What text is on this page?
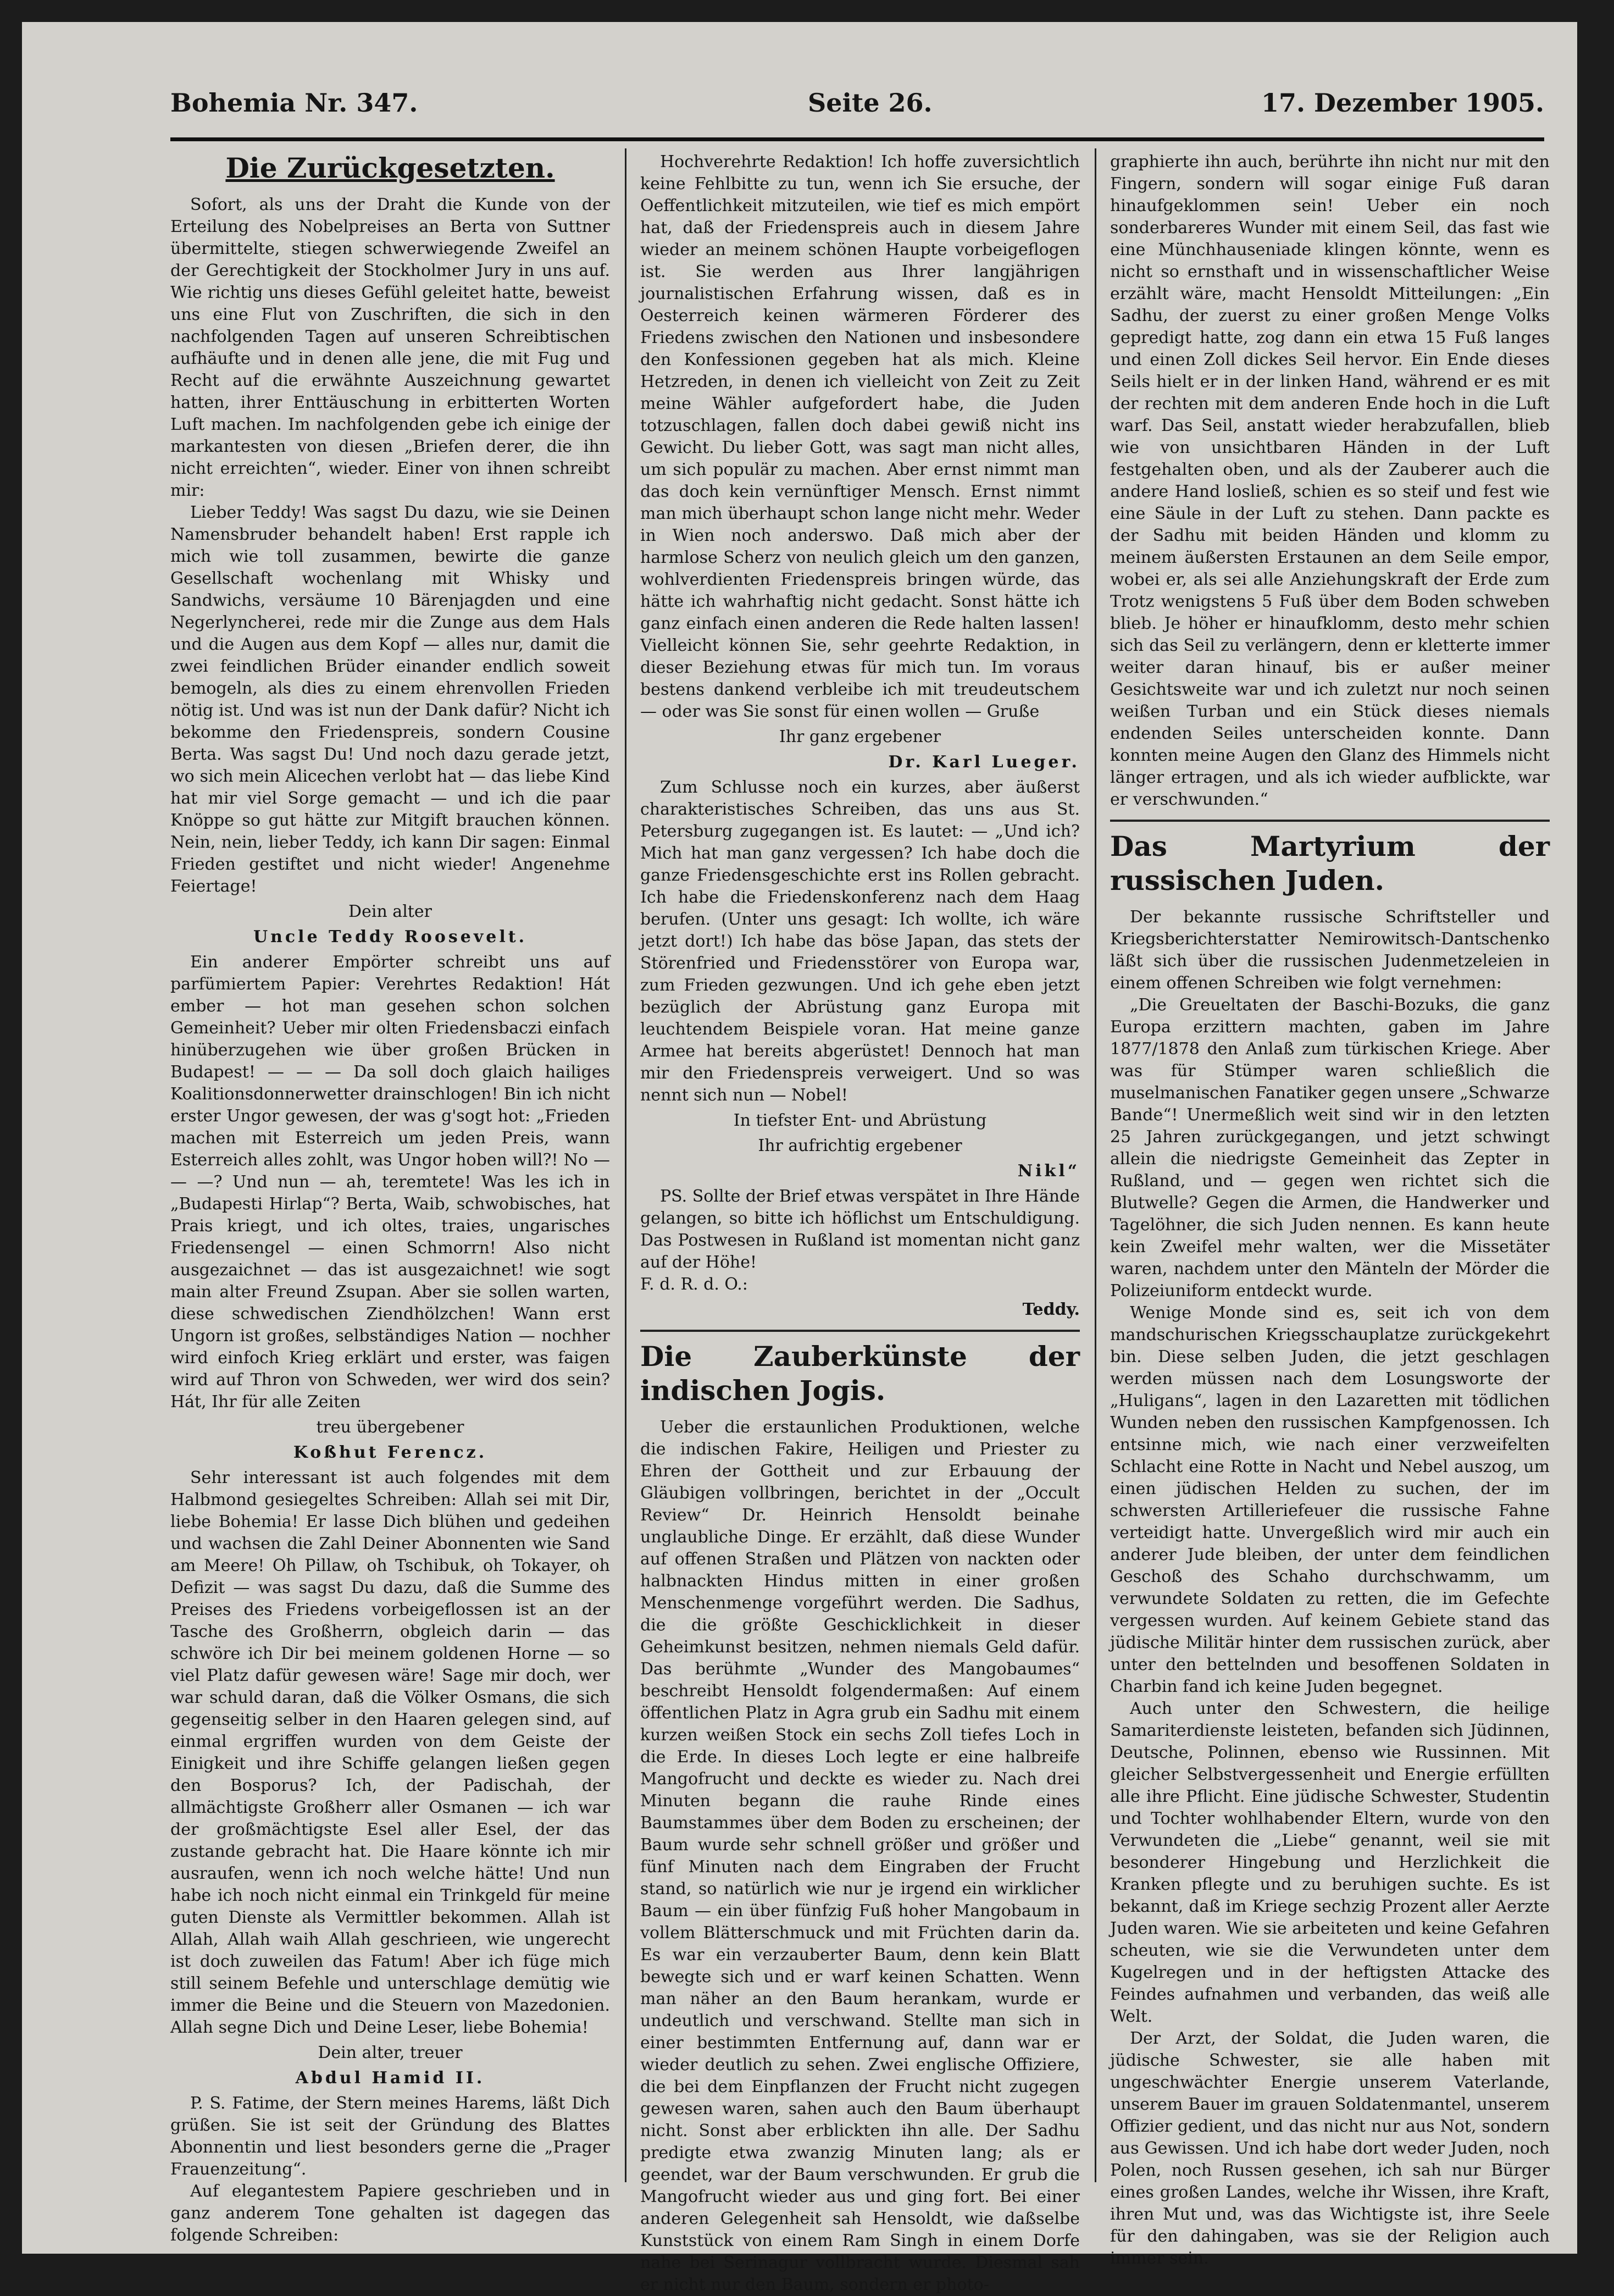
Bohemia Nr. 347.	Seite 26.	17. Dezember 1905.
Die Zurückgesetzten.

Sofort, als uns der Draht die Kunde von der Erteilung des Nobelpreises an Berta von Suttner übermittelte, stiegen schwerwiegende Zweifel an der Gerechtigkeit der Stockholmer Jury in uns auf. Wie richtig uns dieses Gefühl geleitet hatte, beweist uns eine Flut von Zuschriften, die sich in den nachfolgenden Tagen auf unseren Schreibtischen aufhäufte und in denen alle jene, die mit Fug und Recht auf die erwähnte Auszeichnung gewartet hatten, ihrer Enttäuschung in erbitterten Worten Luft machen. Im nachfolgenden gebe ich einige der markantesten von diesen „Briefen derer, die ihn nicht erreichten“, wieder. Einer von ihnen schreibt mir:

Lieber Teddy! Was sagst Du dazu, wie sie Deinen Namensbruder behandelt haben! Erst rapple ich mich wie toll zusammen, bewirte die ganze Gesellschaft wochenlang mit Whisky und Sandwichs, versäume 10 Bärenjagden und eine Negerlyncherei, rede mir die Zunge aus dem Hals und die Augen aus dem Kopf — alles nur, damit die zwei feindlichen Brüder einander endlich soweit bemogeln, als dies zu einem ehrenvollen Frieden nötig ist. Und was ist nun der Dank dafür? Nicht ich bekomme den Friedenspreis, sondern Cousine Berta. Was sagst Du! Und noch dazu gerade jetzt, wo sich mein Alicechen verlobt hat — das liebe Kind hat mir viel Sorge gemacht — und ich die paar Knöppe so gut hätte zur Mitgift brauchen können. Nein, nein, lieber Teddy, ich kann Dir sagen: Einmal Frieden gestiftet und nicht wieder! Angenehme Feiertage!

Dein alter
Uncle Teddy Roosevelt.

Ein anderer Empörter schreibt uns auf parfümiertem Papier: Verehrtes Redaktion! Hát ember — hot man gesehen schon solchen Gemeinheit? Ueber mir olten Friedensbaczi einfach hinüberzugehen wie über großen Brücken in Budapest! — — — Da soll doch glaich hailiges Koalitionsdonnerwetter drainschlogen! Bin ich nicht erster Ungor gewesen, der was g'sogt hot: „Frieden machen mit Esterreich um jeden Preis, wann Esterreich alles zohlt, was Ungor hoben will?! No — — —? Und nun — ah, teremtete! Was les ich in „Budapesti Hirlap“? Berta, Waib, schwobisches, hat Prais kriegt, und ich oltes, traies, ungarisches Friedensengel — einen Schmorrn! Also nicht ausgezaichnet — das ist ausgezaichnet! wie sogt main alter Freund Zsupan. Aber sie sollen warten, diese schwedischen Ziendhölzchen! Wann erst Ungorn ist großes, selbständiges Nation — nochher wird einfoch Krieg erklärt und erster, was faigen wird auf Thron von Schweden, wer wird dos sein? Hát, Ihr für alle Zeiten

treu übergebener
Koßhut Ferencz.

Sehr interessant ist auch folgendes mit dem Halbmond gesiegeltes Schreiben: Allah sei mit Dir, liebe Bohemia! Er lasse Dich blühen und gedeihen und wachsen die Zahl Deiner Abonnenten wie Sand am Meere! Oh Pillaw, oh Tschibuk, oh Tokayer, oh Defizit — was sagst Du dazu, daß die Summe des Preises des Friedens vorbeigeflossen ist an der Tasche des Großherrn, obgleich darin — das schwöre ich Dir bei meinem goldenen Horne — so viel Platz dafür gewesen wäre! Sage mir doch, wer war schuld daran, daß die Völker Osmans, die sich gegenseitig selber in den Haaren gelegen sind, auf einmal ergriffen wurden von dem Geiste der Einigkeit und ihre Schiffe gelangen ließen gegen den Bosporus? Ich, der Padischah, der allmächtigste Großherr aller Osmanen — ich war der großmächtigste Esel aller Esel, der das zustande gebracht hat. Die Haare könnte ich mir ausraufen, wenn ich noch welche hätte! Und nun habe ich noch nicht einmal ein Trinkgeld für meine guten Dienste als Vermittler bekommen. Allah ist Allah, Allah waih Allah geschrieen, wie ungerecht ist doch zuweilen das Fatum! Aber ich füge mich still seinem Befehle und unterschlage demütig wie immer die Beine und die Steuern von Mazedonien. Allah segne Dich und Deine Leser, liebe Bohemia!

Dein alter, treuer
Abdul Hamid II.

P. S. Fatime, der Stern meines Harems, läßt Dich grüßen. Sie ist seit der Gründung des Blattes Abonnentin und liest besonders gerne die „Prager Frauenzeitung“.

Auf elegantestem Papiere geschrieben und in ganz anderem Tone gehalten ist dagegen das folgende Schreiben:

Hochverehrte Redaktion! Ich hoffe zuversichtlich keine Fehlbitte zu tun, wenn ich Sie ersuche, der Oeffentlichkeit mitzuteilen, wie tief es mich empört hat, daß der Friedenspreis auch in diesem Jahre wieder an meinem schönen Haupte vorbeigeflogen ist. Sie werden aus Ihrer langjährigen journalistischen Erfahrung wissen, daß es in Oesterreich keinen wärmeren Förderer des Friedens zwischen den Nationen und insbesondere den Konfessionen gegeben hat als mich. Kleine Hetzreden, in denen ich vielleicht von Zeit zu Zeit meine Wähler aufgefordert habe, die Juden totzuschlagen, fallen doch dabei gewiß nicht ins Gewicht. Du lieber Gott, was sagt man nicht alles, um sich populär zu machen. Aber ernst nimmt man das doch kein vernünftiger Mensch. Ernst nimmt man mich überhaupt schon lange nicht mehr. Weder in Wien noch anderswo. Daß mich aber der harmlose Scherz von neulich gleich um den ganzen, wohlverdienten Friedenspreis bringen würde, das hätte ich wahrhaftig nicht gedacht. Sonst hätte ich ganz einfach einen anderen die Rede halten lassen! Vielleicht können Sie, sehr geehrte Redaktion, in dieser Beziehung etwas für mich tun. Im voraus bestens dankend verbleibe ich mit treudeutschem — oder was Sie sonst für einen wollen — Gruße

Ihr ganz ergebener
Dr. Karl Lueger.

Zum Schlusse noch ein kurzes, aber äußerst charakteristisches Schreiben, das uns aus St. Petersburg zugegangen ist. Es lautet: — „Und ich? Mich hat man ganz vergessen? Ich habe doch die ganze Friedensgeschichte erst ins Rollen gebracht. Ich habe die Friedenskonferenz nach dem Haag berufen. (Unter uns gesagt: Ich wollte, ich wäre jetzt dort!) Ich habe das böse Japan, das stets der Störenfried und Friedensstörer von Europa war, zum Frieden gezwungen. Und ich gehe eben jetzt bezüglich der Abrüstung ganz Europa mit leuchtendem Beispiele voran. Hat meine ganze Armee hat bereits abgerüstet! Dennoch hat man mir den Friedenspreis verweigert. Und so was nennt sich nun — Nobel!

In tiefster Ent- und Abrüstung
Ihr aufrichtig ergebener
Nikl“

PS. Sollte der Brief etwas verspätet in Ihre Hände gelangen, so bitte ich höflichst um Entschuldigung. Das Postwesen in Rußland ist momentan nicht ganz auf der Höhe!

F. d. R. d. O.:
Teddy.
Die Zauberkünste der indischen Jogis.

Ueber die erstaunlichen Produktionen, welche die indischen Fakire, Heiligen und Priester zu Ehren der Gottheit und zur Erbauung der Gläubigen vollbringen, berichtet in der „Occult Review“ Dr. Heinrich Hensoldt beinahe unglaubliche Dinge. Er erzählt, daß diese Wunder auf offenen Straßen und Plätzen von nackten oder halbnackten Hindus mitten in einer großen Menschenmenge vorgeführt werden. Die Sadhus, die die größte Geschicklichkeit in dieser Geheimkunst besitzen, nehmen niemals Geld dafür. Das berühmte „Wunder des Mangobaumes“ beschreibt Hensoldt folgendermaßen: Auf einem öffentlichen Platz in Agra grub ein Sadhu mit einem kurzen weißen Stock ein sechs Zoll tiefes Loch in die Erde. In dieses Loch legte er eine halbreife Mangofrucht und deckte es wieder zu. Nach drei Minuten begann die rauhe Rinde eines Baumstammes über dem Boden zu erscheinen; der Baum wurde sehr schnell größer und größer und fünf Minuten nach dem Eingraben der Frucht stand, so natürlich wie nur je irgend ein wirklicher Baum — ein über fünfzig Fuß hoher Mangobaum in vollem Blätterschmuck und mit Früchten darin da. Es war ein verzauberter Baum, denn kein Blatt bewegte sich und er warf keinen Schatten. Wenn man näher an den Baum herankam, wurde er undeutlich und verschwand. Stellte man sich in einer bestimmten Entfernung auf, dann war er wieder deutlich zu sehen. Zwei englische Offiziere, die bei dem Einpflanzen der Frucht nicht zugegen gewesen waren, sahen auch den Baum überhaupt nicht. Sonst aber erblickten ihn alle. Der Sadhu predigte etwa zwanzig Minuten lang; als er geendet, war der Baum verschwunden. Er grub die Mangofrucht wieder aus und ging fort. Bei einer anderen Gelegenheit sah Hensoldt, wie daßselbe Kunststück von einem Ram Singh in einem Dorfe nahe bei Serinagur vollbracht wurde. Diesmal sah er nicht nur den Baum, sondern er photo-

graphierte ihn auch, berührte ihn nicht nur mit den Fingern, sondern will sogar einige Fuß daran hinaufgeklommen sein! Ueber ein noch sonderbareres Wunder mit einem Seil, das fast wie eine Münchhauseniade klingen könnte, wenn es nicht so ernsthaft und in wissenschaftlicher Weise erzählt wäre, macht Hensoldt Mitteilungen: „Ein Sadhu, der zuerst zu einer großen Menge Volks gepredigt hatte, zog dann ein etwa 15 Fuß langes und einen Zoll dickes Seil hervor. Ein Ende dieses Seils hielt er in der linken Hand, während er es mit der rechten mit dem anderen Ende hoch in die Luft warf. Das Seil, anstatt wieder herabzufallen, blieb wie von unsichtbaren Händen in der Luft festgehalten oben, und als der Zauberer auch die andere Hand losließ, schien es so steif und fest wie eine Säule in der Luft zu stehen. Dann packte es der Sadhu mit beiden Händen und klomm zu meinem äußersten Erstaunen an dem Seile empor, wobei er, als sei alle Anziehungskraft der Erde zum Trotz wenigstens 5 Fuß über dem Boden schweben blieb. Je höher er hinaufklomm, desto mehr schien sich das Seil zu verlängern, denn er kletterte immer weiter daran hinauf, bis er außer meiner Gesichtsweite war und ich zuletzt nur noch seinen weißen Turban und ein Stück dieses niemals endenden Seiles unterscheiden konnte. Dann konnten meine Augen den Glanz des Himmels nicht länger ertragen, und als ich wieder aufblickte, war er verschwunden.“

Das Martyrium der russischen Juden.

Der bekannte russische Schriftsteller und Kriegsberichterstatter Nemirowitsch-Dantschenko läßt sich über die russischen Judenmetzeleien in einem offenen Schreiben wie folgt vernehmen:

„Die Greueltaten der Baschi-Bozuks, die ganz Europa erzittern machten, gaben im Jahre 1877/1878 den Anlaß zum türkischen Kriege. Aber was für Stümper waren schließlich die muselmanischen Fanatiker gegen unsere „Schwarze Bande“! Unermeßlich weit sind wir in den letzten 25 Jahren zurückgegangen, und jetzt schwingt allein die niedrigste Gemeinheit das Zepter in Rußland, und — gegen wen richtet sich die Blutwelle? Gegen die Armen, die Handwerker und Tagelöhner, die sich Juden nennen. Es kann heute kein Zweifel mehr walten, wer die Missetäter waren, nachdem unter den Mänteln der Mörder die Polizeiuniform entdeckt wurde.

Wenige Monde sind es, seit ich von dem mandschurischen Kriegsschauplatze zurückgekehrt bin. Diese selben Juden, die jetzt geschlagen werden müssen nach dem Losungsworte der „Huligans“, lagen in den Lazaretten mit tödlichen Wunden neben den russischen Kampfgenossen. Ich entsinne mich, wie nach einer verzweifelten Schlacht eine Rotte in Nacht und Nebel auszog, um einen jüdischen Helden zu suchen, der im schwersten Artilleriefeuer die russische Fahne verteidigt hatte. Unvergeßlich wird mir auch ein anderer Jude bleiben, der unter dem feindlichen Geschoß des Schaho durchschwamm, um verwundete Soldaten zu retten, die im Gefechte vergessen wurden. Auf keinem Gebiete stand das jüdische Militär hinter dem russischen zurück, aber unter den bettelnden und besoffenen Soldaten in Charbin fand ich keine Juden begegnet.

Auch unter den Schwestern, die heilige Samariterdienste leisteten, befanden sich Jüdinnen, Deutsche, Polinnen, ebenso wie Russinnen. Mit gleicher Selbstvergessenheit und Energie erfüllten alle ihre Pflicht. Eine jüdische Schwester, Studentin und Tochter wohlhabender Eltern, wurde von den Verwundeten die „Liebe“ genannt, weil sie mit besonderer Hingebung und Herzlichkeit die Kranken pflegte und zu beruhigen suchte. Es ist bekannt, daß im Kriege sechzig Prozent aller Aerzte Juden waren. Wie sie arbeiteten und keine Gefahren scheuten, wie sie die Verwundeten unter dem Kugelregen und in der heftigsten Attacke des Feindes aufnahmen und verbanden, das weiß alle Welt.

Der Arzt, der Soldat, die Juden waren, die jüdische Schwester, sie alle haben mit ungeschwächter Energie unserem Vaterlande, unserem Bauer im grauen Soldatenmantel, unserem Offizier gedient, und das nicht nur aus Not, sondern aus Gewissen. Und ich habe dort weder Juden, noch Polen, noch Russen gesehen, ich sah nur Bürger eines großen Landes, welche ihr Wissen, ihre Kraft, ihren Mut und, was das Wichtigste ist, ihre Seele für den dahingaben, was sie der Religion auch immer sein.
